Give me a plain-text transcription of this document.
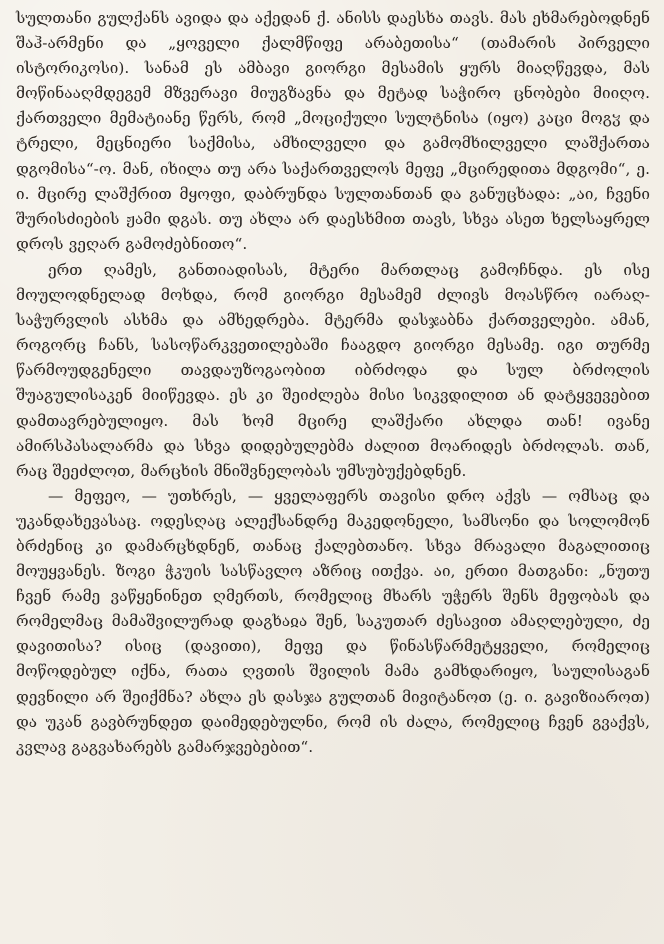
სულთანი გულქანს ავიდა და აქედან ქ. ანისს დაესხა თავს. მას ეხმარებოდნენ შაჰ-არმენი და „ყოველი ქალმწიფე არაბეთისა“ (თამარის პირველი ისტორიკოსი). სანამ ეს ამბავი გიორგი მესამის ყურს მიაღწევდა, მას მოწინააღმდეგემ მზვერავი მიუგზავნა და მეტად საჭირო ცნობები მიიღო. ქართველი მემატიანე წერს, რომ „მოციქული სულტნისა (იყო) კაცი მოგჳ და ტრელი, მეცნიერი საქმისა, ამხილველი და გამომხილველი ლაშქართა დგომისა“-ო. მან, იხილა თუ არა საქართველოს მეფე „მცირედითა მდგომი“, ე. ი. მცირე ლაშქრით მყოფი, დაბრუნდა სულთანთან და განუცხადა: „აი, ჩვენი შურისძიების ჟამი დგას. თუ ახლა არ დაესხმით თავს, სხვა ასეთ ხელსაყრელ დროს ვეღარ გამოძებნითო“.

ერთ ღამეს, განთიადისას, მტერი მართლაც გამოჩნდა. ეს ისე მოულოდნელად მოხდა, რომ გიორგი მესამემ ძლივს მოასწრო იარაღ-საჭურვლის ასხმა და ამხედრება. მტერმა დასჯაბნა ქართველები. ამან, როგორც ჩანს, სასოწარკვეთილებაში ჩააგდო გიორგი მესამე. იგი თურმე წარმოუდგენელი თავდაუზოგაობით იბრძოდა და სულ ბრძოლის შუაგულისაკენ მიიწევდა. ეს კი შეიძლება მისი სიკვდილით ან დატყვევებით დამთავრებულიყო. მას ხომ მცირე ლაშქარი ახლდა თან! ივანე ამირსპასალარმა და სხვა დიდებულებმა ძალით მოარიდეს ბრძოლას. თან, რაც შეეძლოთ, მარცხის მნიშვნელობას უმსუბუქებდნენ.

— მეფეო, — უთხრეს, — ყველაფერს თავისი დრო აქვს — ომსაც და უკანდახევასაც. ოდესღაც ალექსანდრე მაკედონელი, სამსონი და სოლომონ ბრძენიც კი დამარცხდნენ, თანაც ქალებთანო. სხვა მრავალი მაგალითიც მოუყვანეს. ზოგი ჭკუის სასწავლო აზრიც ითქვა. აი, ერთი მათგანი: „ნუთუ ჩვენ რამე ვაწყენინეთ ღმერთს, რომელიც მხარს უჭერს შენს მეფობას და რომელმაც მამაშვილურად დაგხაჲა შენ, საკუთარ ძესავით ამაღლებული, ძე დავითისა? ისიც (დავითი), მეფე და წინასწარმეტყველი, რომელიც მოწოდებულ იქნა, რათა ღვთის შვილის მამა გამხდარიყო, საულისაგან დევნილი არ შეიქმნა? ახლა ეს დასჯა გულთან მივიტანოთ (ე. ი. გავიზიაროთ) და უკან გავბრუნდეთ დაიმედებულნი, რომ ის ძალა, რომელიც ჩვენ გვაქვს, კვლავ გაგვახარებს გამარჯვებებით“.
